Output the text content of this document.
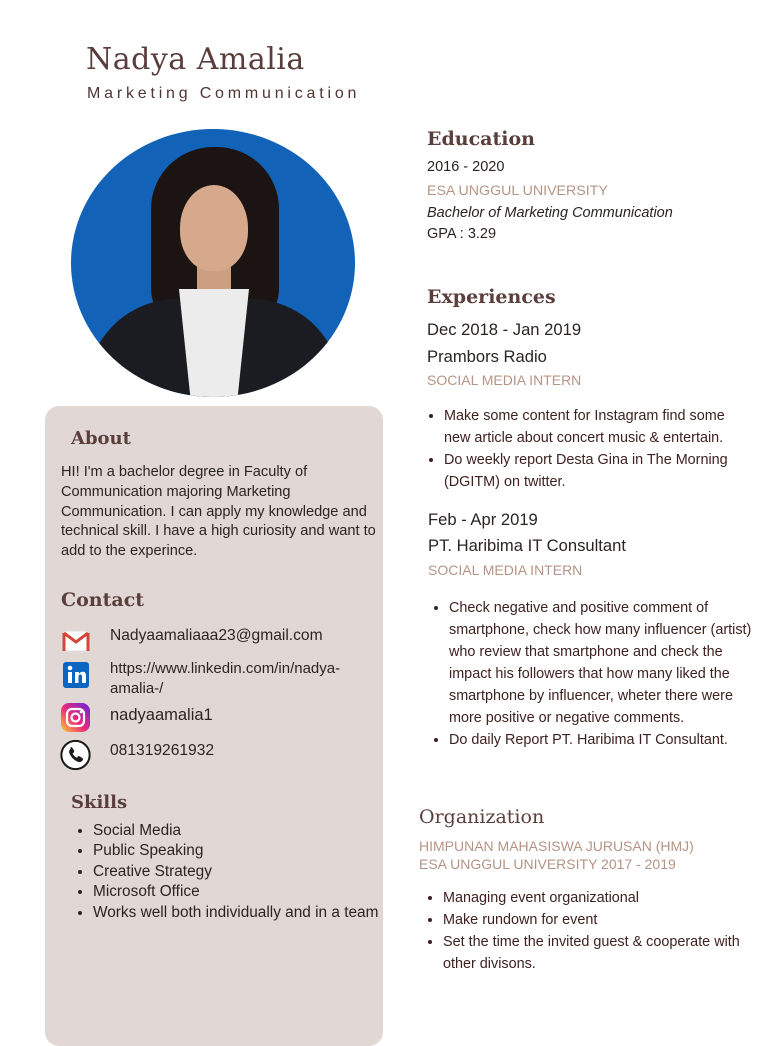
Nadya Amalia
Marketing Communication
About
HI! I'm a bachelor degree in Faculty of Communication majoring Marketing Communication. I can apply my knowledge and technical skill. I have a high curiosity and want to add to the experince.
Contact
Nadyaamaliaaa23@gmail.com
https://www.linkedin.com/in/nadya-amalia-/
nadyaamalia1
081319261932
Skills
• Social Media
• Public Speaking
• Creative Strategy
• Microsoft Office
• Works well both individually and in a team
Education
2016 - 2020
ESA UNGGUL UNIVERSITY
Bachelor of Marketing Communication
GPA : 3.29
Experiences
Dec 2018 - Jan 2019
Prambors Radio
SOCIAL MEDIA INTERN
• Make some content for Instagram find some new article about concert music & entertain.
• Do weekly report Desta Gina in The Morning (DGITM) on twitter.
Feb - Apr 2019
PT. Haribima IT Consultant
SOCIAL MEDIA INTERN
• Check negative and positive comment of smartphone, check how many influencer (artist) who review that smartphone and check the impact his followers that how many liked the smartphone by influencer, wheter there were more positive or negative comments.
• Do daily Report PT. Haribima IT Consultant.
Organization
HIMPUNAN MAHASISWA JURUSAN (HMJ)
ESA UNGGUL UNIVERSITY 2017 - 2019
• Managing event organizational
• Make rundown for event
• Set the time the invited guest & cooperate with other divisons.
